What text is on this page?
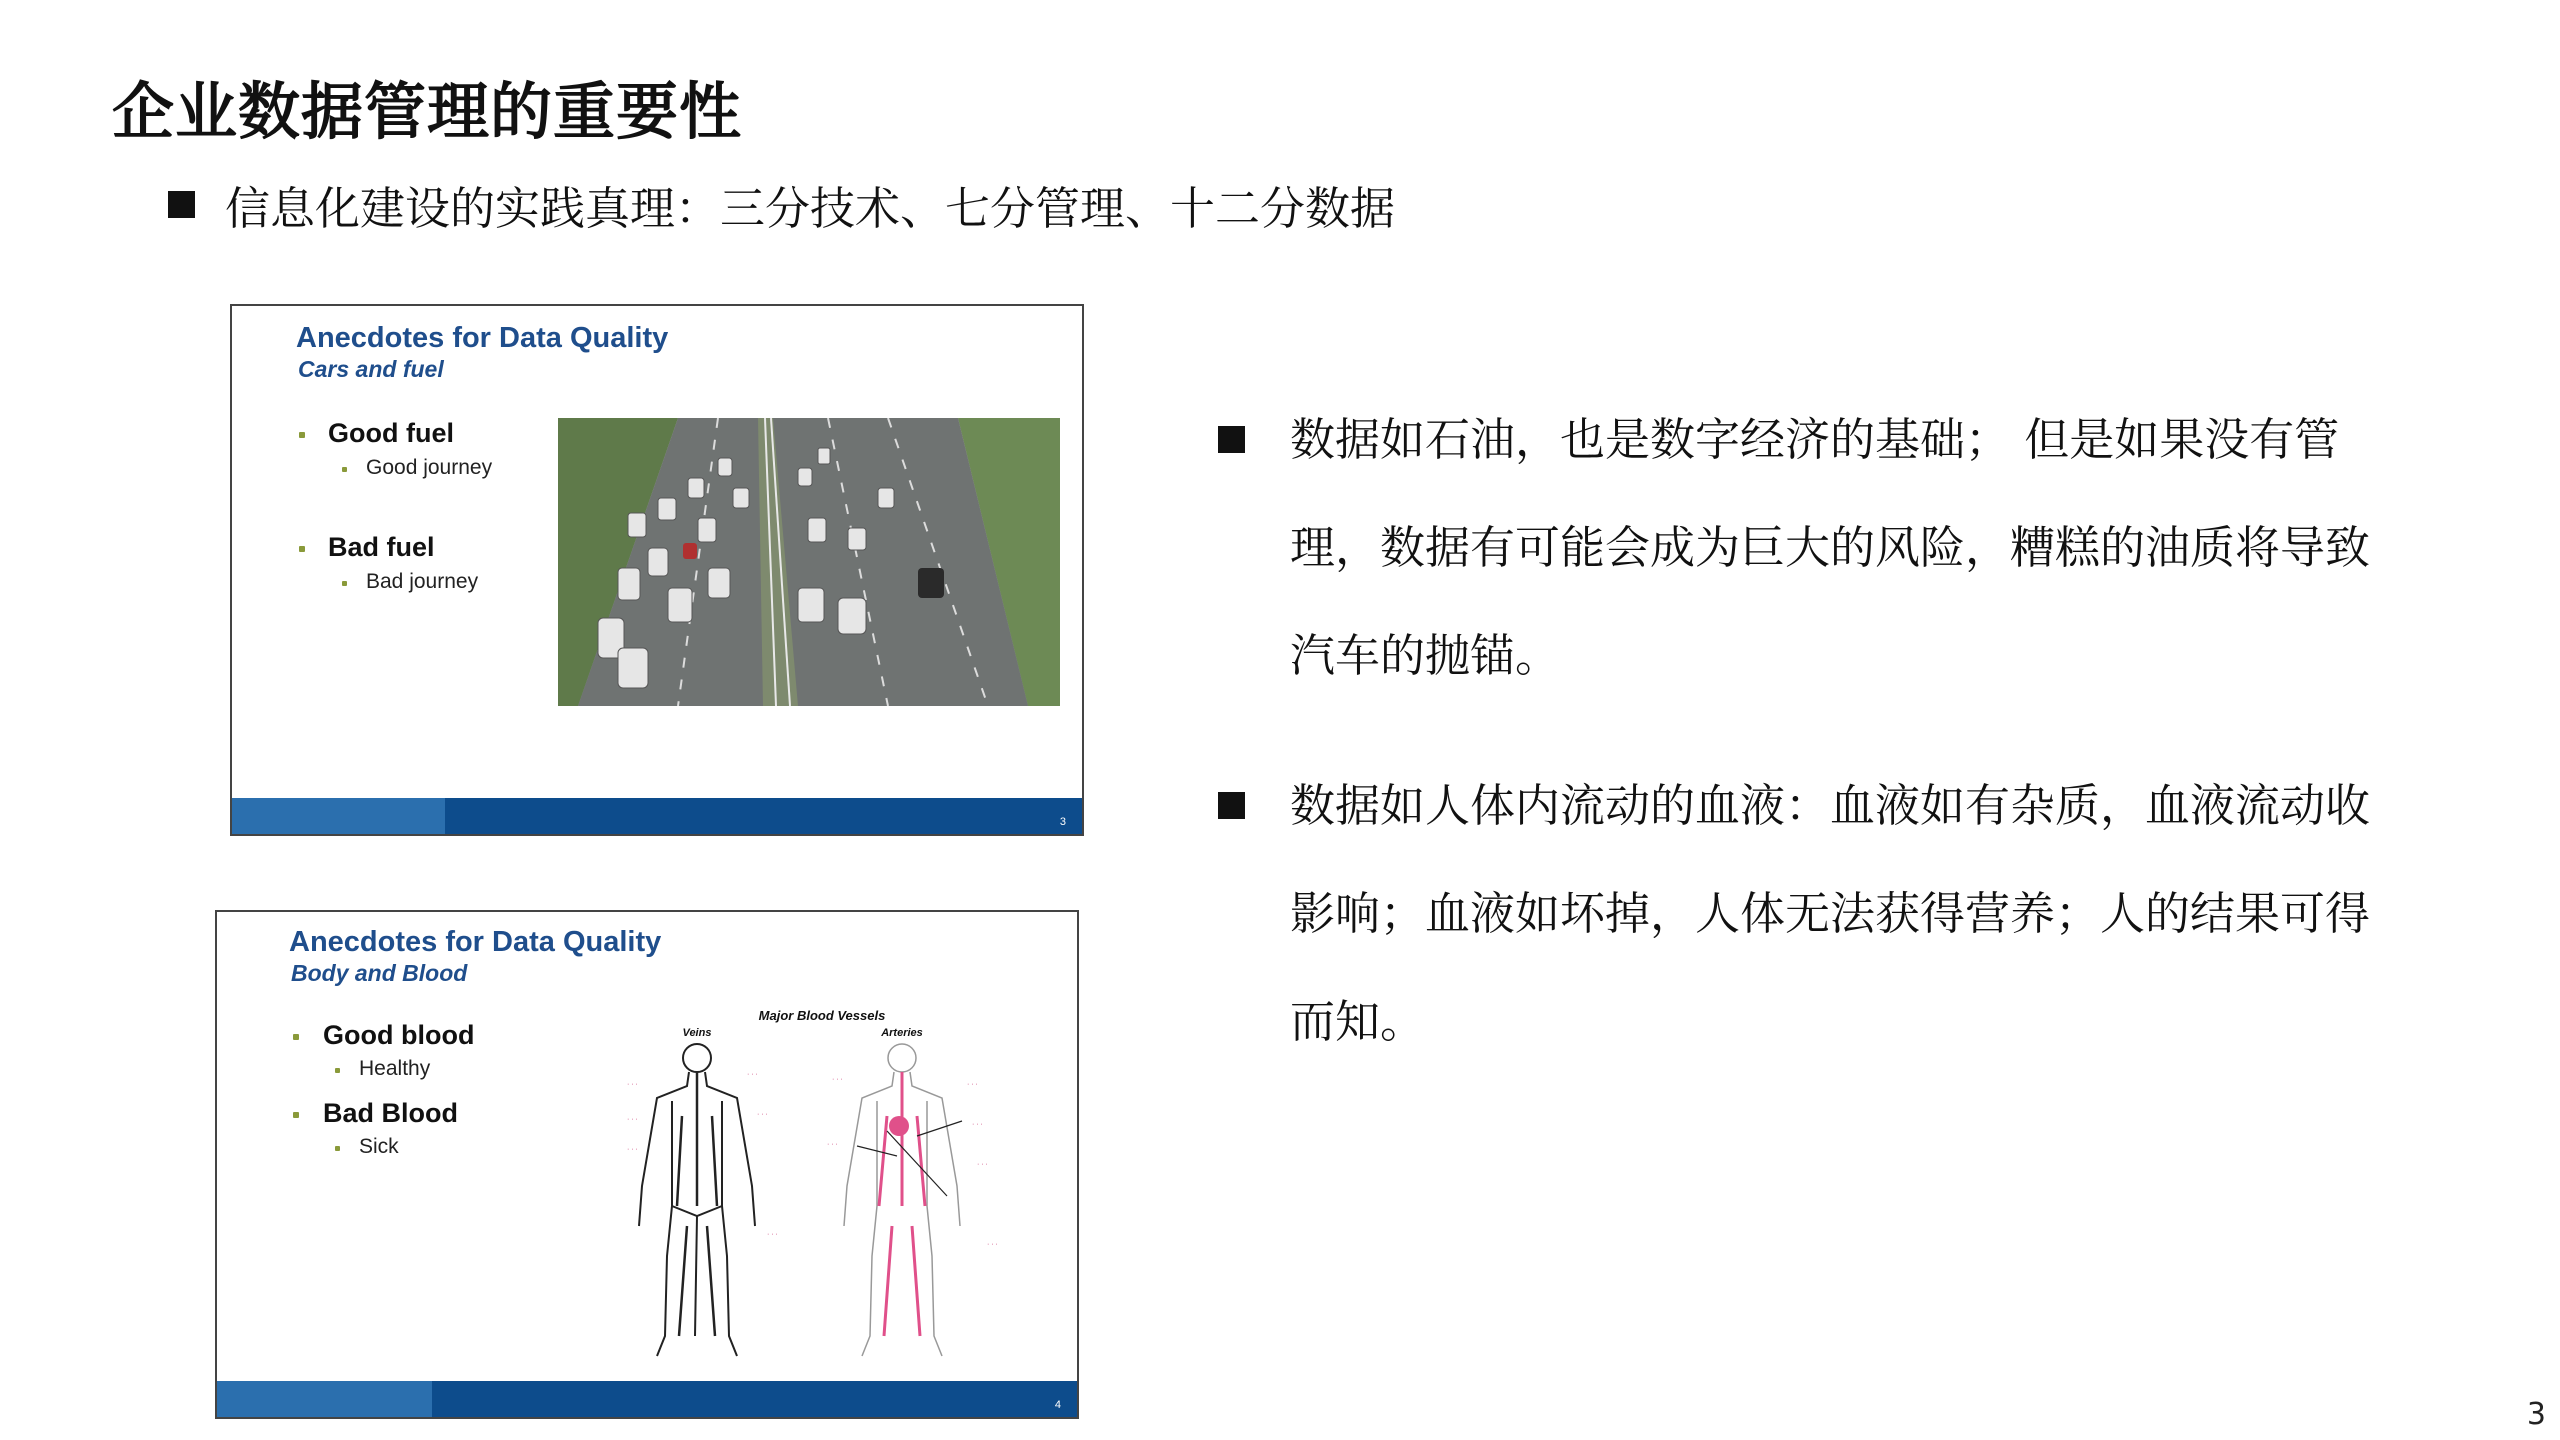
企业数据管理的重要性
信息化建设的实践真理：三分技术、七分管理、十二分数据
Anecdotes for Data Quality
Cars and fuel
Good fuel
Good journey
Bad fuel
Bad journey
3
Anecdotes for Data Quality
Body and Blood
Good blood
Healthy
Bad Blood
Sick
Major Blood Vessels
Veins	Arteries
· · ·
· · ·
· · ·
· · ·
· · ·
· · ·
· · ·
· · ·
· · ·
· · ·
· · ·
· · ·
4

数据如石油，也是数字经济的基础； 但是如果没有管

理，数据有可能会成为巨大的风险，糟糕的油质将导致

汽车的抛锚。

数据如人体内流动的血液：血液如有杂质，血液流动收

影响；血液如坏掉，人体无法获得营养；人的结果可得

而知。

3
